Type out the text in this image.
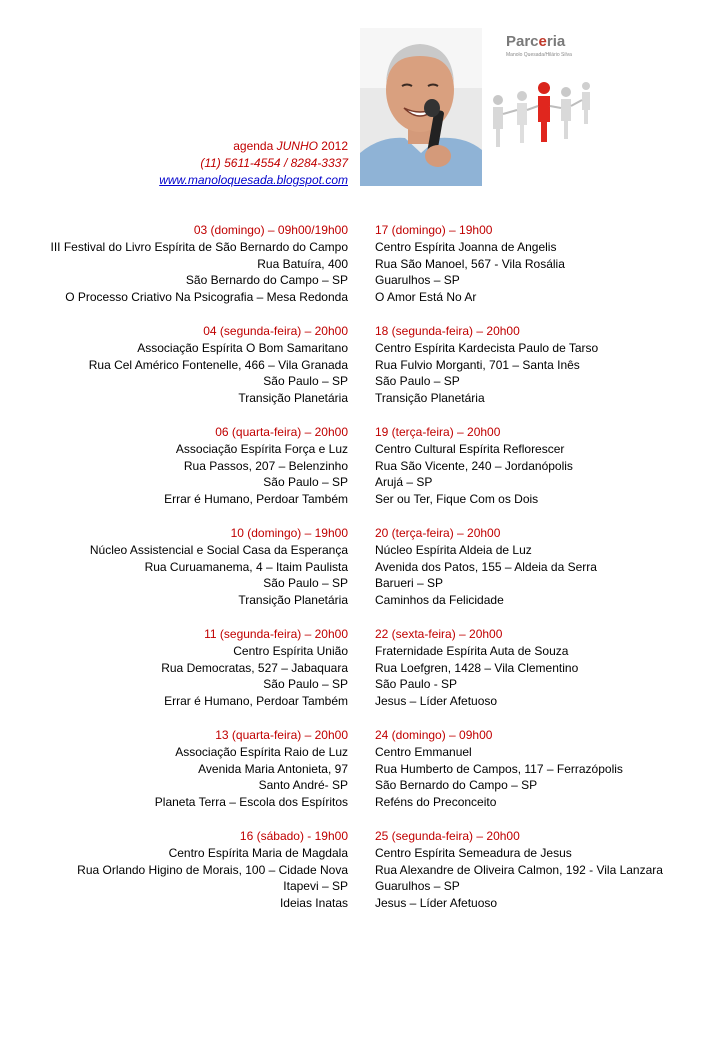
Parceria
Manolo Quesada/Hilário Silva
agenda JUNHO 2012
(11) 5611-4554 / 8284-3337
www.manoloquesada.blogspot.com
03 (domingo) – 09h00/19h00
III Festival do Livro Espírita de São Bernardo do Campo
Rua Batuíra, 400
São Bernardo do Campo – SP
O Processo Criativo Na Psicografia – Mesa Redonda
04 (segunda-feira) – 20h00
Associação Espírita O Bom Samaritano
Rua Cel Américo Fontenelle, 466 – Vila Granada
São Paulo – SP
Transição Planetária
06 (quarta-feira) – 20h00
Associação Espírita Força e Luz
Rua Passos, 207 – Belenzinho
São Paulo – SP
Errar é Humano, Perdoar Também
10 (domingo) – 19h00
Núcleo Assistencial e Social Casa da Esperança
Rua Curuamanema, 4 – Itaim Paulista
São Paulo – SP
Transição Planetária
11 (segunda-feira) – 20h00
Centro Espírita União
Rua Democratas, 527 – Jabaquara
São Paulo – SP
Errar é Humano, Perdoar Também
13 (quarta-feira) – 20h00
Associação Espírita Raio de Luz
Avenida Maria Antonieta, 97
Santo André- SP
Planeta Terra – Escola dos Espíritos
16 (sábado) - 19h00
Centro Espírita Maria de Magdala
Rua Orlando Higino de Morais, 100 – Cidade Nova
Itapevi – SP
Ideias Inatas
17 (domingo) – 19h00
Centro Espírita Joanna de Angelis
Rua São Manoel, 567 - Vila Rosália
Guarulhos – SP
O Amor Está No Ar
18 (segunda-feira) – 20h00
Centro Espírita Kardecista Paulo de Tarso
Rua Fulvio Morganti, 701 – Santa Inês
São Paulo – SP
Transição Planetária
19 (terça-feira) – 20h00
Centro Cultural Espírita Reflorescer
Rua São Vicente, 240 – Jordanópolis
Arujá – SP
Ser ou Ter, Fique Com os Dois
20 (terça-feira) – 20h00
Núcleo Espírita Aldeia de Luz
Avenida dos Patos, 155 – Aldeia da Serra
Barueri – SP
Caminhos da Felicidade
22 (sexta-feira) – 20h00
Fraternidade Espírita Auta de Souza
Rua Loefgren, 1428 – Vila Clementino
São Paulo - SP
Jesus – Líder Afetuoso
24 (domingo) – 09h00
Centro Emmanuel
Rua Humberto de Campos, 117 – Ferrazópolis
São Bernardo do Campo – SP
Reféns do Preconceito
25 (segunda-feira) – 20h00
Centro Espírita Semeadura de Jesus
Rua Alexandre de Oliveira Calmon, 192 - Vila Lanzara
Guarulhos – SP
Jesus – Líder Afetuoso
